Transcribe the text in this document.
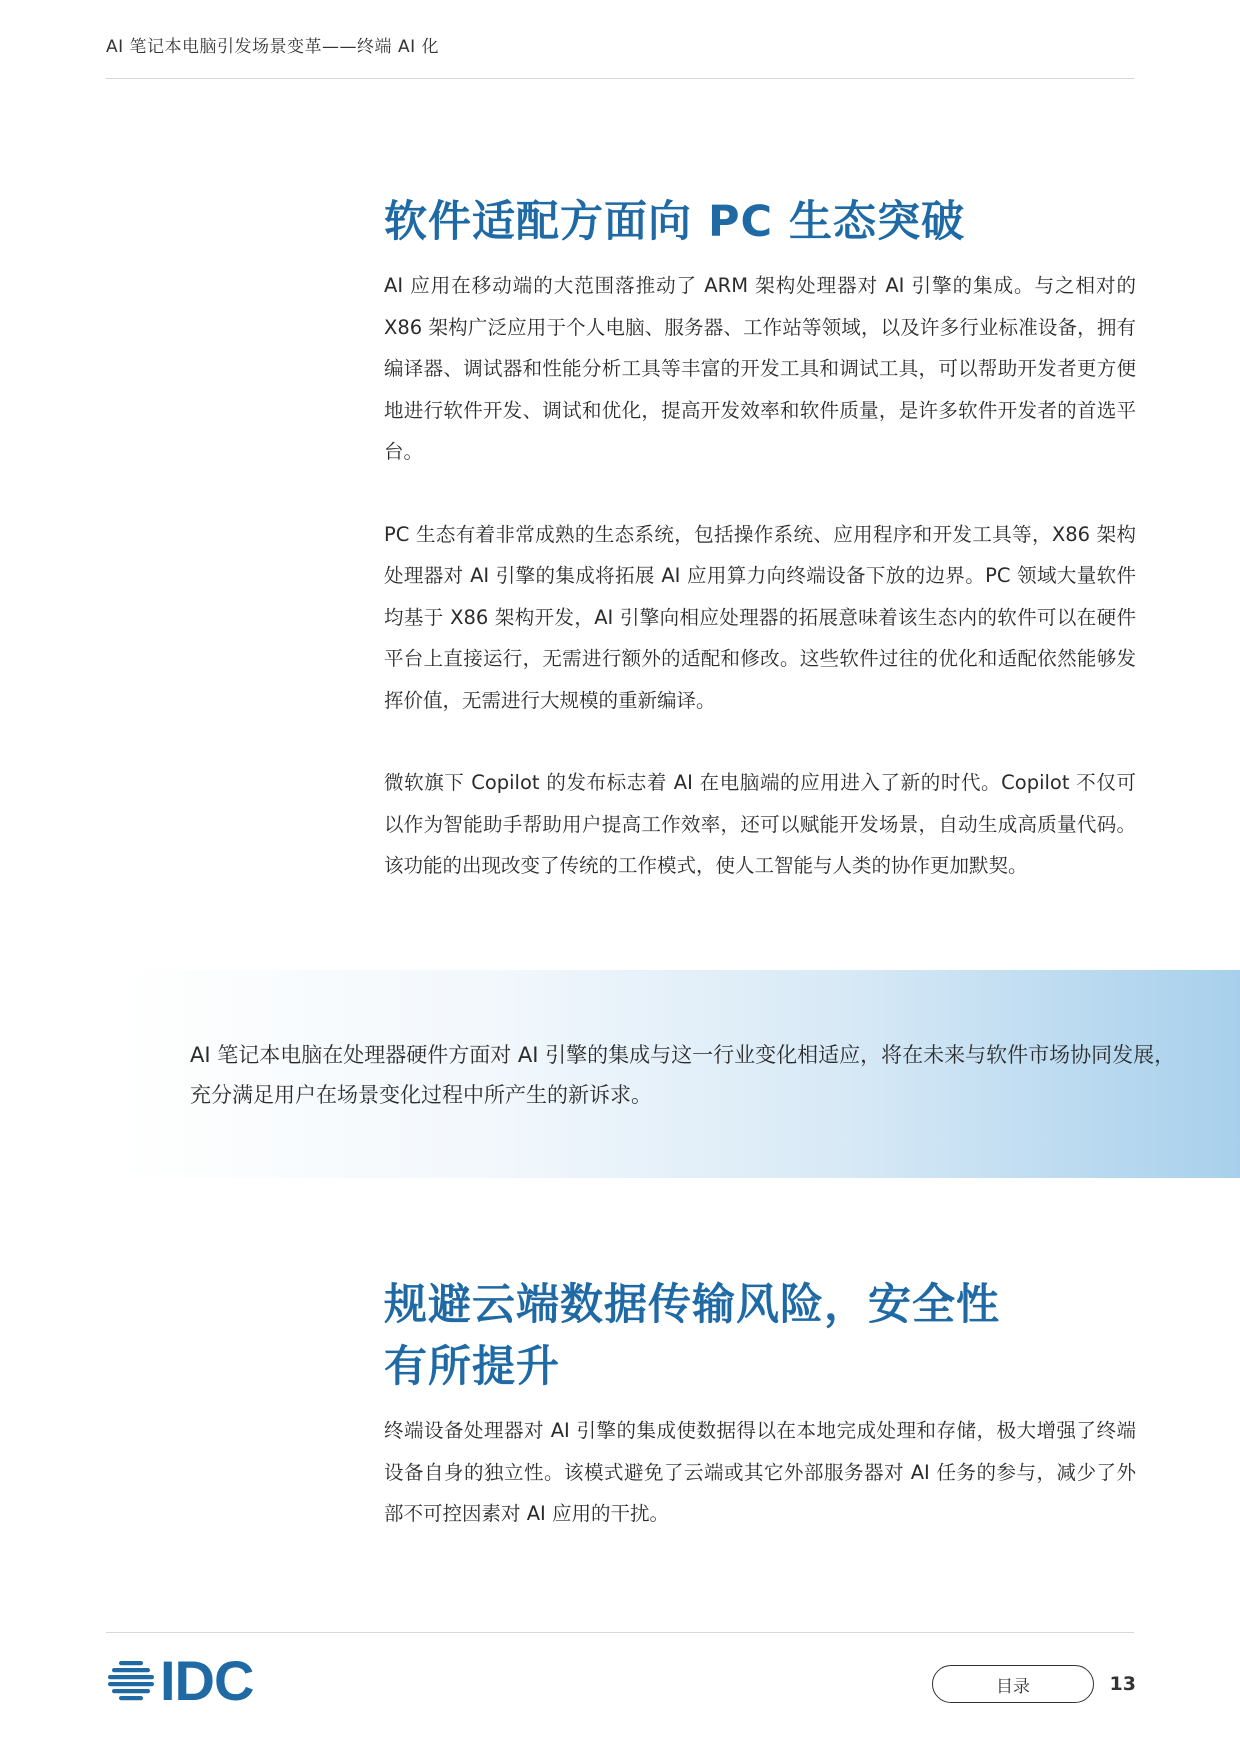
AI 笔记本电脑引发场景变革——终端 AI 化
软件适配方面向 PC 生态突破

AI 应用在移动端的大范围落推动了 ARM 架构处理器对 AI 引擎的集成。与之相对的 X86 架构广泛应用于个人电脑、服务器、工作站等领域，以及许多行业标准设备，拥有编译器、调试器和性能分析工具等丰富的开发工具和调试工具，可以帮助开发者更方便地进行软件开发、调试和优化，提高开发效率和软件质量，是许多软件开发者的首选平台。

PC 生态有着非常成熟的生态系统，包括操作系统、应用程序和开发工具等，X86 架构处理器对 AI 引擎的集成将拓展 AI 应用算力向终端设备下放的边界。PC 领域大量软件均基于 X86 架构开发，AI 引擎向相应处理器的拓展意味着该生态内的软件可以在硬件平台上直接运行，无需进行额外的适配和修改。这些软件过往的优化和适配依然能够发挥价值，无需进行大规模的重新编译。

微软旗下 Copilot 的发布标志着 AI 在电脑端的应用进入了新的时代。Copilot 不仅可以作为智能助手帮助用户提高工作效率，还可以赋能开发场景，自动生成高质量代码。该功能的出现改变了传统的工作模式，使人工智能与人类的协作更加默契。

AI 笔记本电脑在处理器硬件方面对 AI 引擎的集成与这一行业变化相适应，将在未来与软件市场协同发展，充分满足用户在场景变化过程中所产生的新诉求。

规避云端数据传输风险，安全性
有所提升

终端设备处理器对 AI 引擎的集成使数据得以在本地完成处理和存储，极大增强了终端设备自身的独立性。该模式避免了云端或其它外部服务器对 AI 任务的参与，减少了外部不可控因素对 AI 应用的干扰。

IDC	目录	13
